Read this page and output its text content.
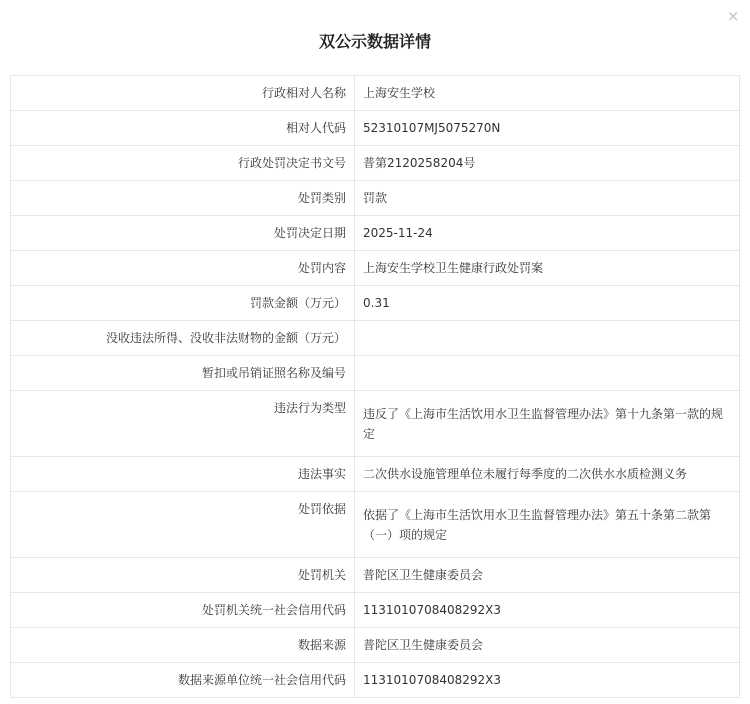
×
双公示数据详情
行政相对人名称	上海安生学校
相对人代码	52310107MJ5075270N
行政处罚决定书文号	普第2120258204号
处罚类别	罚款
处罚决定日期	2025-11-24
处罚内容	上海安生学校卫生健康行政处罚案
罚款金额（万元）	0.31
没收违法所得、没收非法财物的金额（万元）	
暂扣或吊销证照名称及编号	
违法行为类型	违反了《上海市生活饮用水卫生监督管理办法》第十九条第一款的规定
违法事实	二次供水设施管理单位未履行每季度的二次供水水质检测义务
处罚依据	依据了《上海市生活饮用水卫生监督管理办法》第五十条第二款第（一）项的规定
处罚机关	普陀区卫生健康委员会
处罚机关统一社会信用代码	1131010708408292X3
数据来源	普陀区卫生健康委员会
数据来源单位统一社会信用代码	1131010708408292X3
